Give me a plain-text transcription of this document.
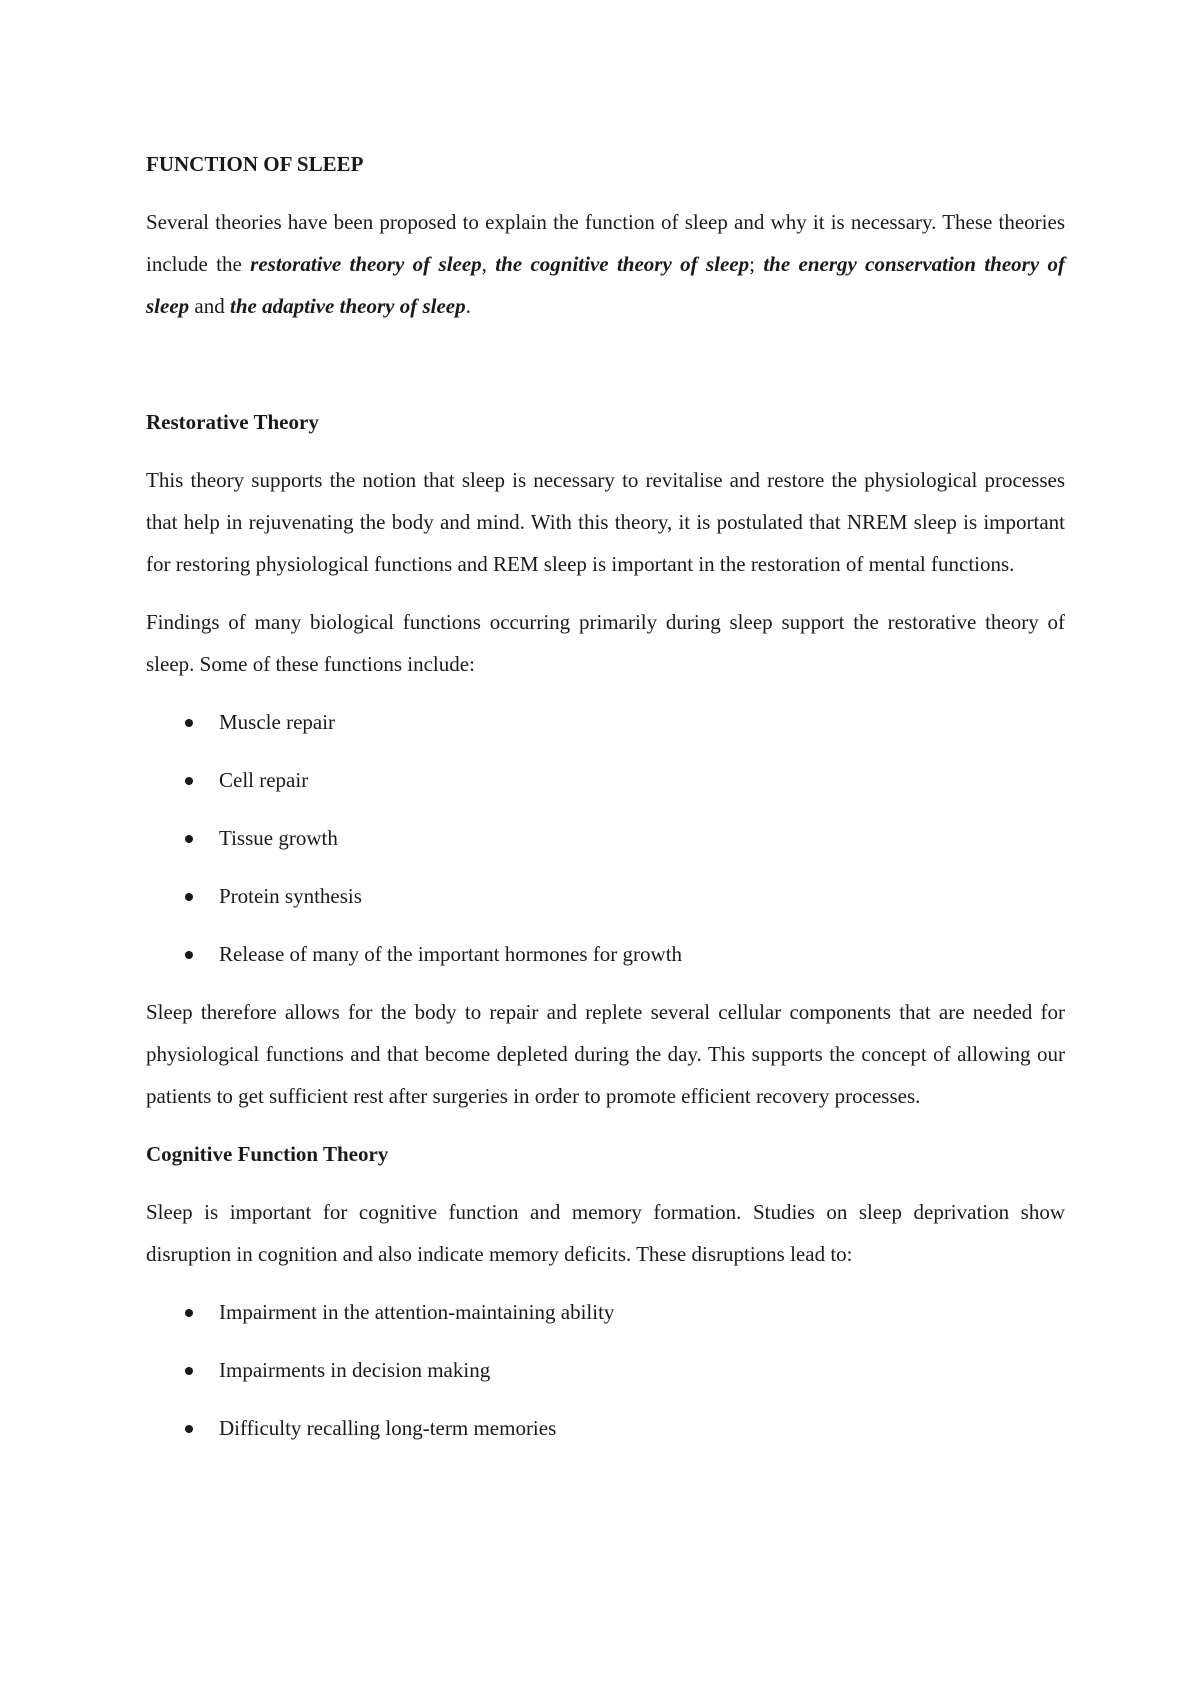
FUNCTION OF SLEEP

Several theories have been proposed to explain the function of sleep and why it is necessary. These theories include the restorative theory of sleep, the cognitive theory of sleep; the energy conservation theory of sleep and the adaptive theory of sleep.

Restorative Theory

This theory supports the notion that sleep is necessary to revitalise and restore the physiological processes that help in rejuvenating the body and mind. With this theory, it is postulated that NREM sleep is important for restoring physiological functions and REM sleep is important in the restoration of mental functions.

Findings of many biological functions occurring primarily during sleep support the restorative theory of sleep. Some of these functions include:

Muscle repair
Cell repair
Tissue growth
Protein synthesis
Release of many of the important hormones for growth

Sleep therefore allows for the body to repair and replete several cellular components that are needed for physiological functions and that become depleted during the day. This supports the concept of allowing our patients to get sufficient rest after surgeries in order to promote efficient recovery processes.

Cognitive Function Theory

Sleep is important for cognitive function and memory formation. Studies on sleep deprivation show disruption in cognition and also indicate memory deficits. These disruptions lead to:

Impairment in the attention-maintaining ability
Impairments in decision making
Difficulty recalling long-term memories
